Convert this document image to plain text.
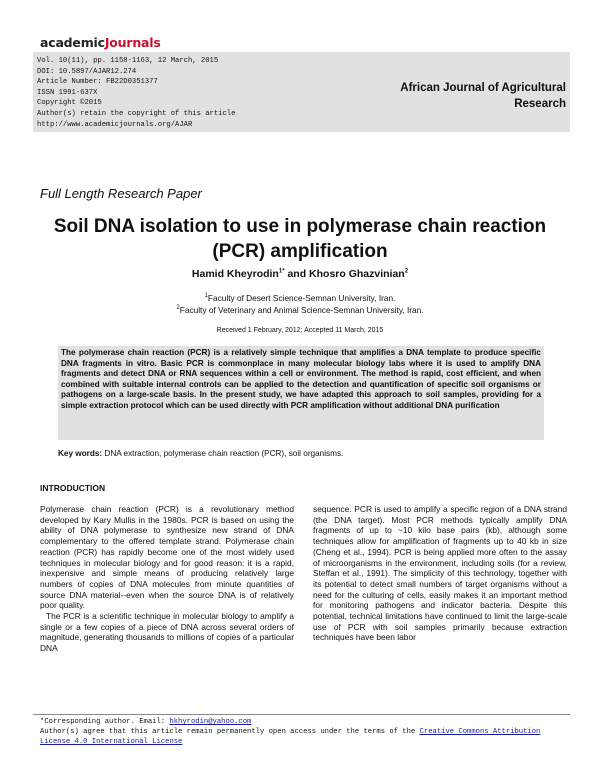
academicJournals
Vol. 10(11), pp. 1158-1163, 12 March, 2015
DOI: 10.5897/AJAR12.274
Article Number: FB22D0351377
ISSN 1991-637X
Copyright ©2015
Author(s) retain the copyright of this article
http://www.academicjournals.org/AJAR
African Journal of Agricultural
Research
Full Length Research Paper
Soil DNA isolation to use in polymerase chain reaction
(PCR) amplification
Hamid Kheyrodin$^{1*}$ and Khosro Ghazvinian$^2$
$^1$Faculty of Desert Science-Semnan University, Iran.
$^2$Faculty of Veterinary and Animal Science-Semnan University, Iran.
Received 1 February, 2012; Accepted 11 March, 2015

The polymerase chain reaction (PCR) is a relatively simple technique that amplifies a DNA template to produce specific DNA fragments in vitro. Basic PCR is commonplace in many molecular biology labs where it is used to amplify DNA fragments and detect DNA or RNA sequences within a cell or environment. The method is rapid, cost efficient, and when combined with suitable internal controls can be applied to the detection and quantification of specific soil organisms or pathogens on a large-scale basis. In the present study, we have adapted this approach to soil samples, providing for a simple extraction protocol which can be used directly with PCR amplification without additional DNA purification

Key words: DNA extraction, polymerase chain reaction (PCR), soil organisms.
INTRODUCTION

Polymerase chain reaction (PCR) is a revolutionary method developed by Kary Mullis in the 1980s. PCR is based on using the ability of DNA polymerase to synthesize new strand of DNA complementary to the offered template strand. Polymerase chain reaction (PCR) has rapidly become one of the most widely used techniques in molecular biology and for good reason: it is a rapid, inexpensive and simple means of producing relatively large numbers of copies of DNA molecules from minute quantities of source DNA material--even when the source DNA is of relatively poor quality.

The PCR is a scientific technique in molecular biology to amplify a single or a few copies of a piece of DNA across several orders of magnitude, generating thousands to millions of copies of a particular DNA

sequence. PCR is used to amplify a specific region of a DNA strand (the DNA target). Most PCR methods typically amplify DNA fragments of up to ~10 kilo base pairs (kb), although some techniques allow for amplification of fragments up to 40 kb in size (Cheng et al., 1994). PCR is being applied more often to the assay of microorganisms in the environment, including soils (for a review, Steffan et al., 1991). The simplicity of this technology, together with its potential to detect small numbers of target organisms without a need for the culturing of cells, easily makes it an important method for monitoring pathogens and indicator bacteria. Despite this potential, technical limitations have continued to limit the large-scale use of PCR with soil samples primarily because extraction techniques have been labor

*Corresponding author. Email: hkhyrodin@yahoo.com
Author(s) agree that this article remain permanently open access under the terms of the Creative Commons Attribution License 4.0 International License
